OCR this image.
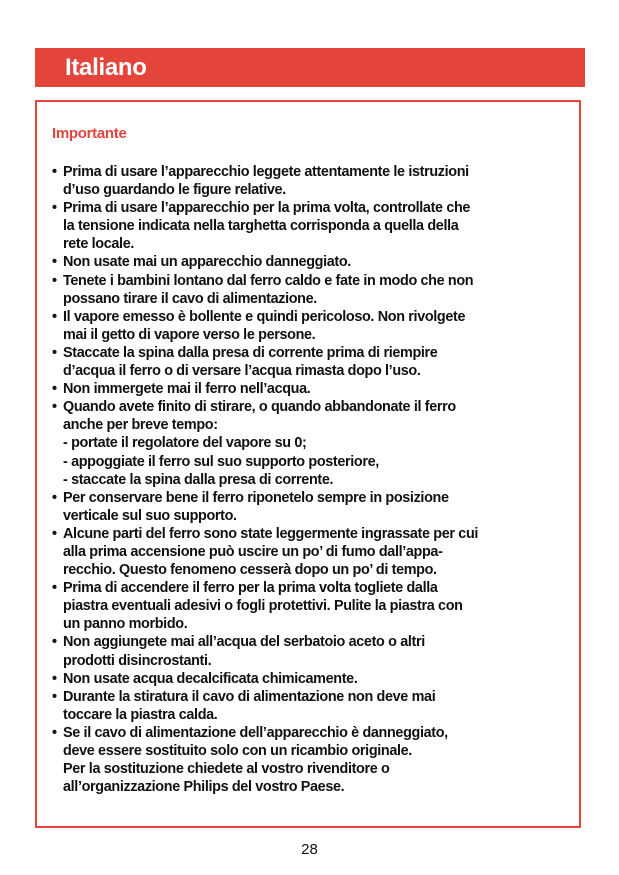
Italiano
Importante
• Prima di usare l’apparecchio leggete attentamente le istruzioni
d’uso guardando le figure relative.
• Prima di usare l’apparecchio per la prima volta, controllate che
la tensione indicata nella targhetta corrisponda a quella della
rete locale.
• Non usate mai un apparecchio danneggiato.
• Tenete i bambini lontano dal ferro caldo e fate in modo che non
possano tirare il cavo di alimentazione.
• Il vapore emesso è bollente e quindi pericoloso. Non rivolgete
mai il getto di vapore verso le persone.
• Staccate la spina dalla presa di corrente prima di riempire
d’acqua il ferro o di versare l’acqua rimasta dopo l’uso.
• Non immergete mai il ferro nell’acqua.
• Quando avete finito di stirare, o quando abbandonate il ferro
anche per breve tempo:
- portate il regolatore del vapore su 0;
- appoggiate il ferro sul suo supporto posteriore,
- staccate la spina dalla presa di corrente.
• Per conservare bene il ferro riponetelo sempre in posizione
verticale sul suo supporto.
• Alcune parti del ferro sono state leggermente ingrassate per cui
alla prima accensione può uscire un po’ di fumo dall’appa-
recchio. Questo fenomeno cesserà dopo un po’ di tempo.
• Prima di accendere il ferro per la prima volta togliete dalla
piastra eventuali adesivi o fogli protettivi. Pulite la piastra con
un panno morbido.
• Non aggiungete mai all’acqua del serbatoio aceto o altri
prodotti disincrostanti.
• Non usate acqua decalcificata chimicamente.
• Durante la stiratura il cavo di alimentazione non deve mai
toccare la piastra calda.
• Se il cavo di alimentazione dell’apparecchio è danneggiato,
deve essere sostituito solo con un ricambio originale.
Per la sostituzione chiedete al vostro rivenditore o
all’organizzazione Philips del vostro Paese.
28
